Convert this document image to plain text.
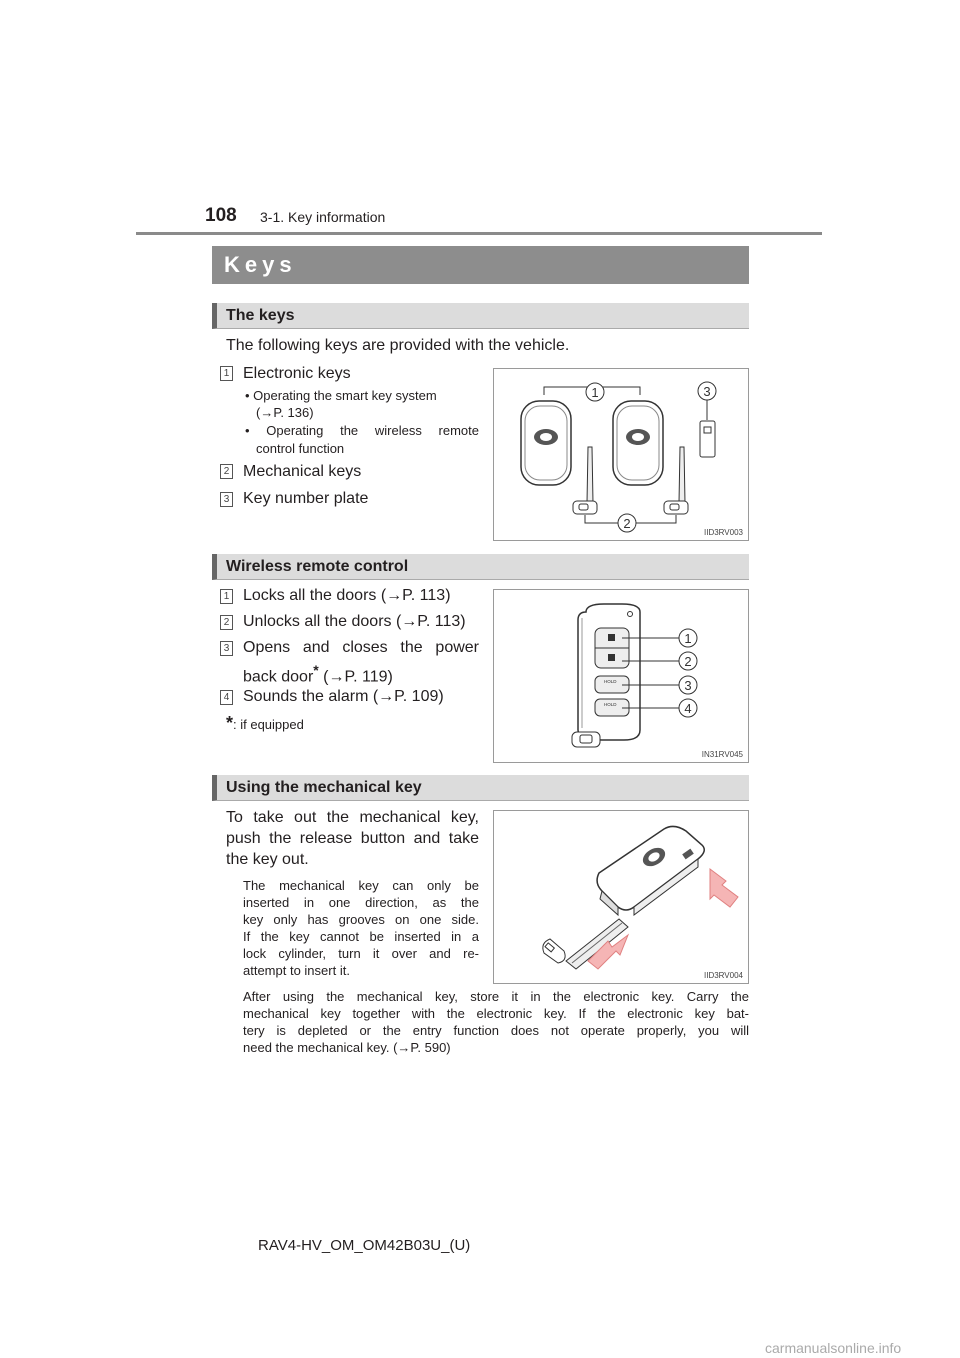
108 3-1. Key information
Keys
The keys
The following keys are provided with the vehicle.
1 Electronic keys
• Operating the smart key system
(→P. 136)
• Operating the wireless remote
control function
2 Mechanical keys
3 Key number plate
1	3
2
IID3RV003
Wireless remote control
1 Locks all the doors (→P. 113)
2 Unlocks all the doors (→P. 113)
3 Opens and closes the power
back door* (→P. 119)
4 Sounds the alarm (→P. 109)
*: if equipped
HOLD
HOLD
1
2
3
4
IN31RV045
Using the mechanical key
To take out the mechanical key,
push the release button and take
the key out.
The mechanical key can only be
inserted in one direction, as the
key only has grooves on one side.
If the key cannot be inserted in a
lock cylinder, turn it over and re-
attempt to insert it.	IID3RV004
After using the mechanical key, store it in the electronic key. Carry the
mechanical key together with the electronic key. If the electronic key bat-
tery is depleted or the entry function does not operate properly, you will
need the mechanical key. (→P. 590)
RAV4-HV_OM_OM42B03U_(U)
carmanualsonline.info
